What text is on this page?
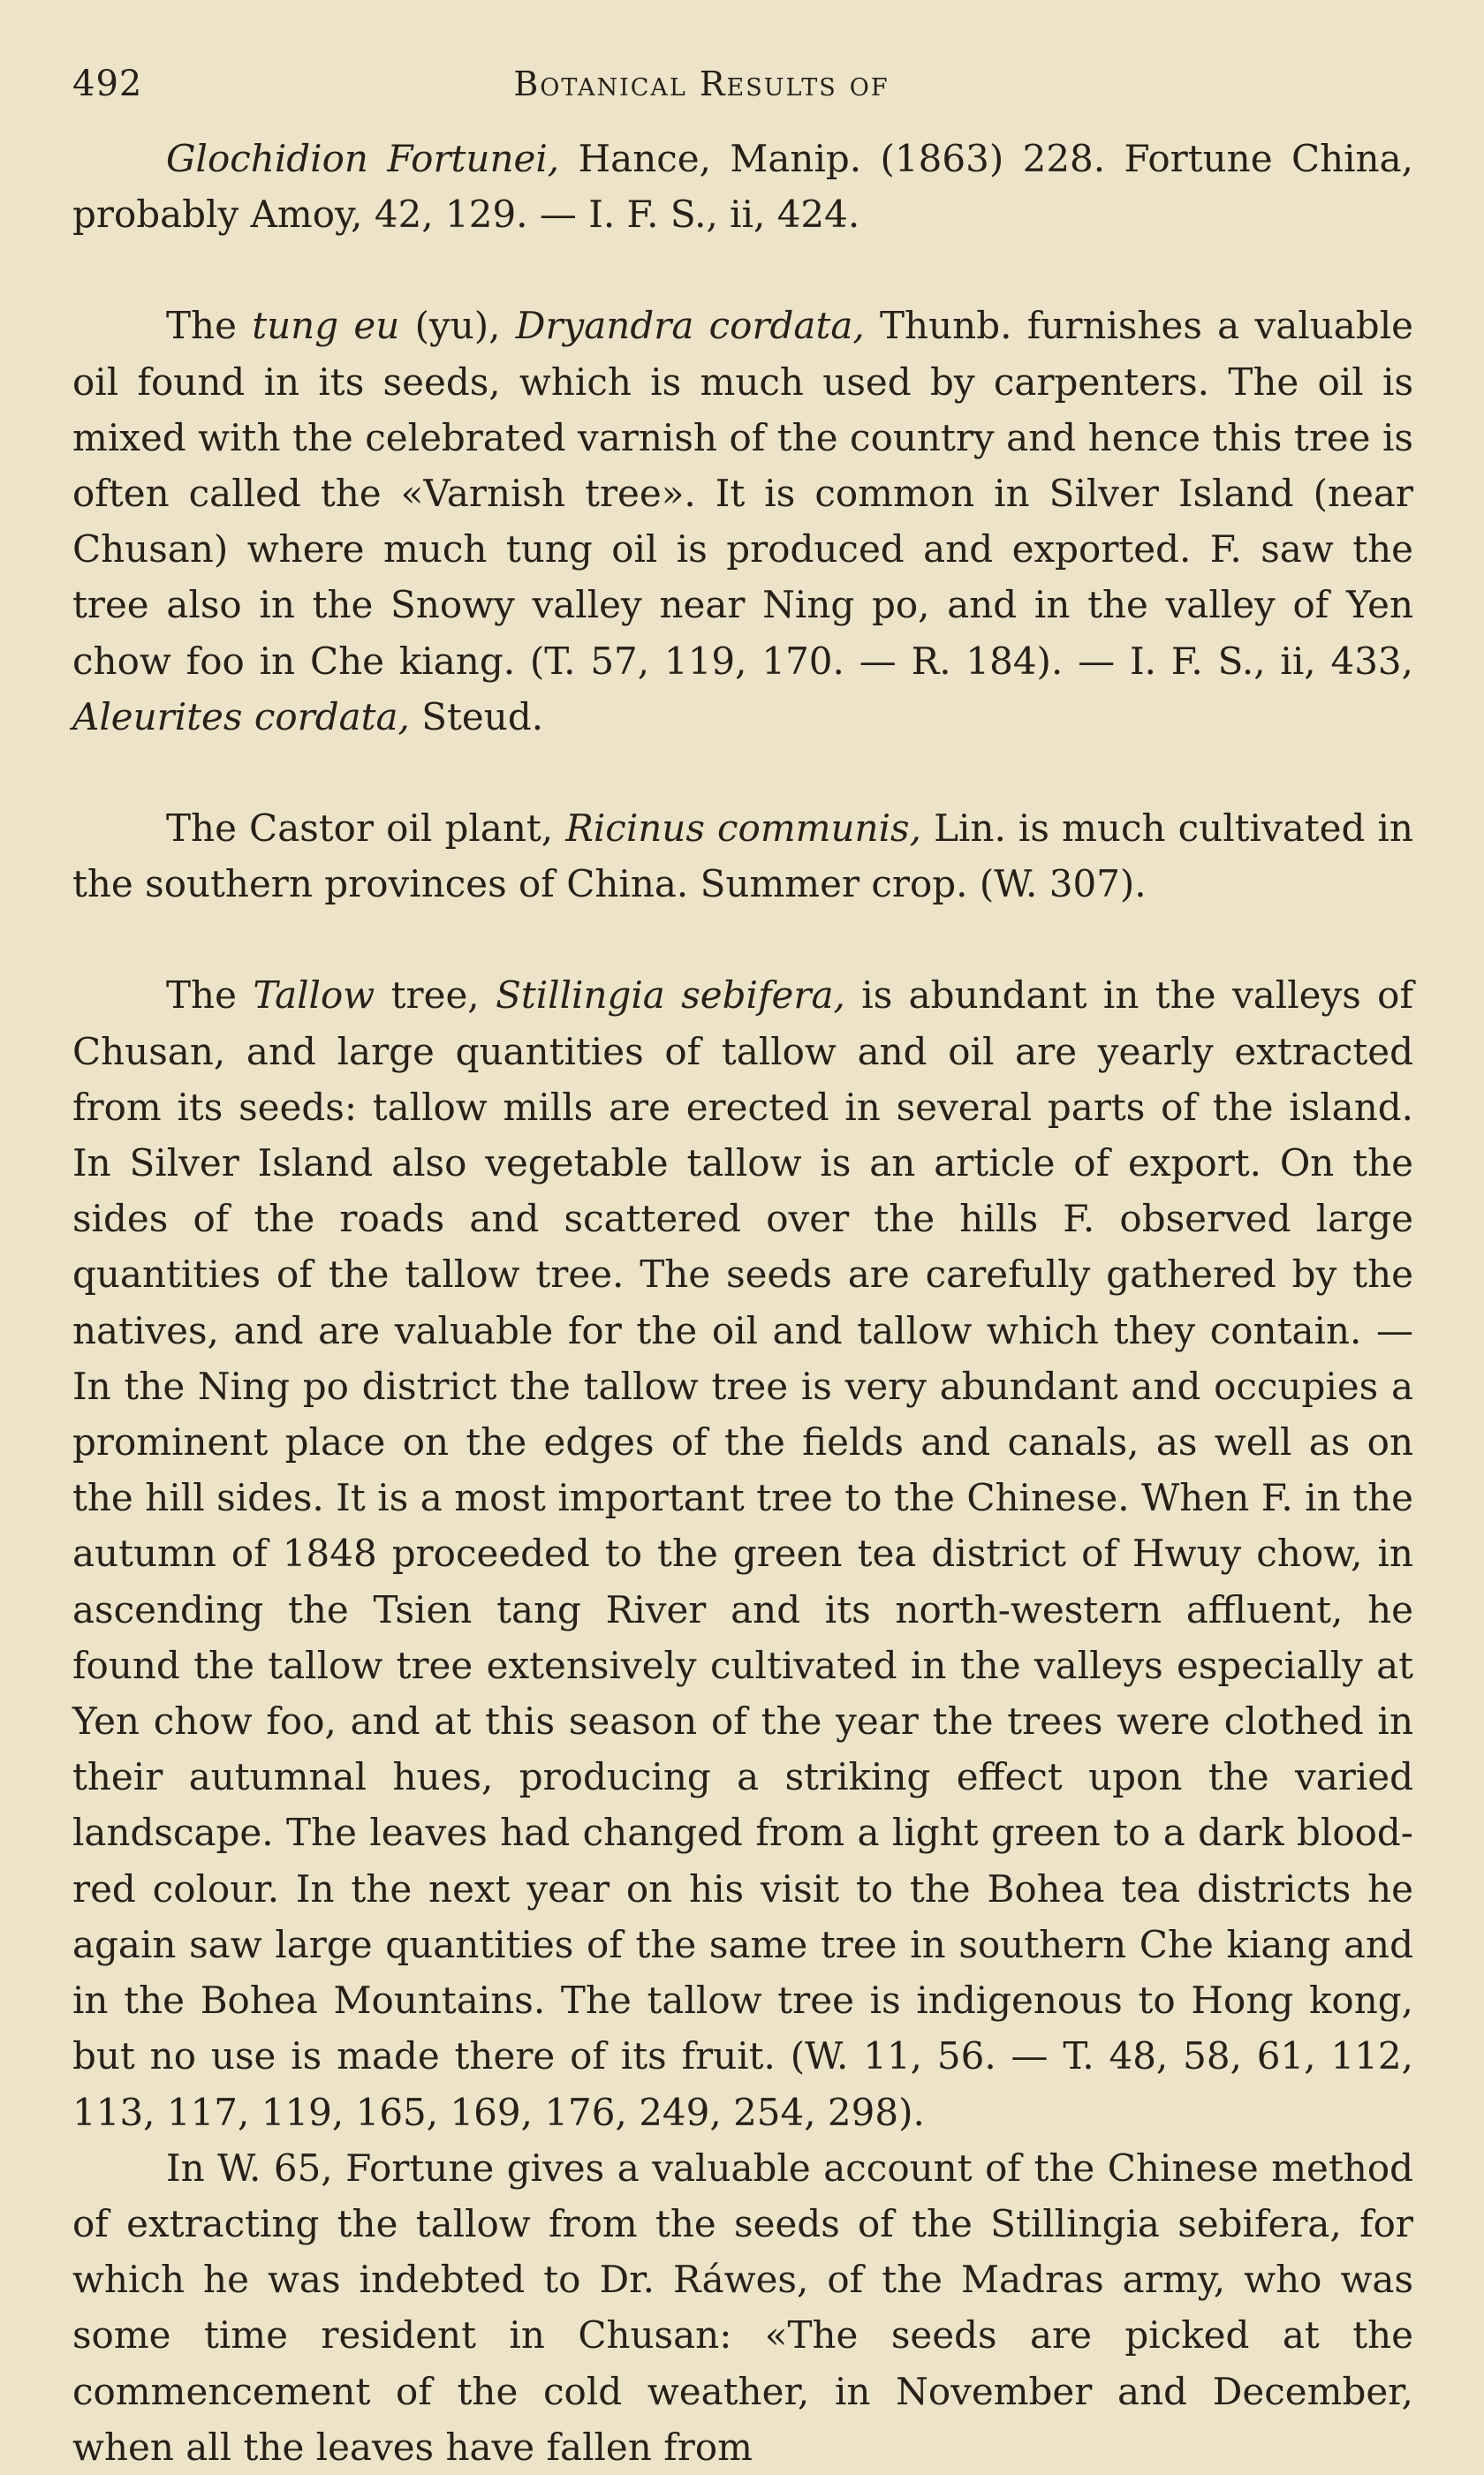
492	Botanical Results of

Glochidion Fortunei, Hance, Manip. (1863) 228. Fortune China, probably Amoy, 42, 129. — I. F. S., ii, 424.

The tung eu (yu), Dryandra cordata, Thunb. furnishes a valuable oil found in its seeds, which is much used by carpenters. The oil is mixed with the celebrated varnish of the country and hence this tree is often called the «Varnish tree». It is common in Silver Island (near Chusan) where much tung oil is produced and exported. F. saw the tree also in the Snowy valley near Ning po, and in the valley of Yen chow foo in Che kiang. (T. 57, 119, 170. — R. 184). — I. F. S., ii, 433, Aleurites cordata, Steud.

The Castor oil plant, Ricinus communis, Lin. is much cultivated in the southern provinces of China. Summer crop. (W. 307).

The Tallow tree, Stillingia sebifera, is abundant in the valleys of Chusan, and large quantities of tallow and oil are yearly extracted from its seeds: tallow mills are erected in several parts of the island. In Silver Island also vegetable tallow is an article of export. On the sides of the roads and scattered over the hills F. observed large quantities of the tallow tree. The seeds are carefully gathered by the natives, and are valuable for the oil and tallow which they contain. — In the Ning po district the tallow tree is very abundant and occupies a prominent place on the edges of the fields and canals, as well as on the hill sides. It is a most important tree to the Chinese. When F. in the autumn of 1848 proceeded to the green tea district of Hwuy chow, in ascending the Tsien tang River and its north-western affluent, he found the tallow tree extensively cultivated in the valleys especially at Yen chow foo, and at this season of the year the trees were clothed in their autumnal hues, producing a striking effect upon the varied landscape. The leaves had changed from a light green to a dark blood-red colour. In the next year on his visit to the Bohea tea districts he again saw large quantities of the same tree in southern Che kiang and in the Bohea Mountains. The tallow tree is indigenous to Hong kong, but no use is made there of its fruit. (W. 11, 56. — T. 48, 58, 61, 112, 113, 117, 119, 165, 169, 176, 249, 254, 298).

In W. 65, Fortune gives a valuable account of the Chinese method of extracting the tallow from the seeds of the Stillingia sebifera, for which he was indebted to Dr. Ráwes, of the Madras army, who was some time resident in Chusan: «The seeds are picked at the commencement of the cold weather, in November and December, when all the leaves have fallen from
